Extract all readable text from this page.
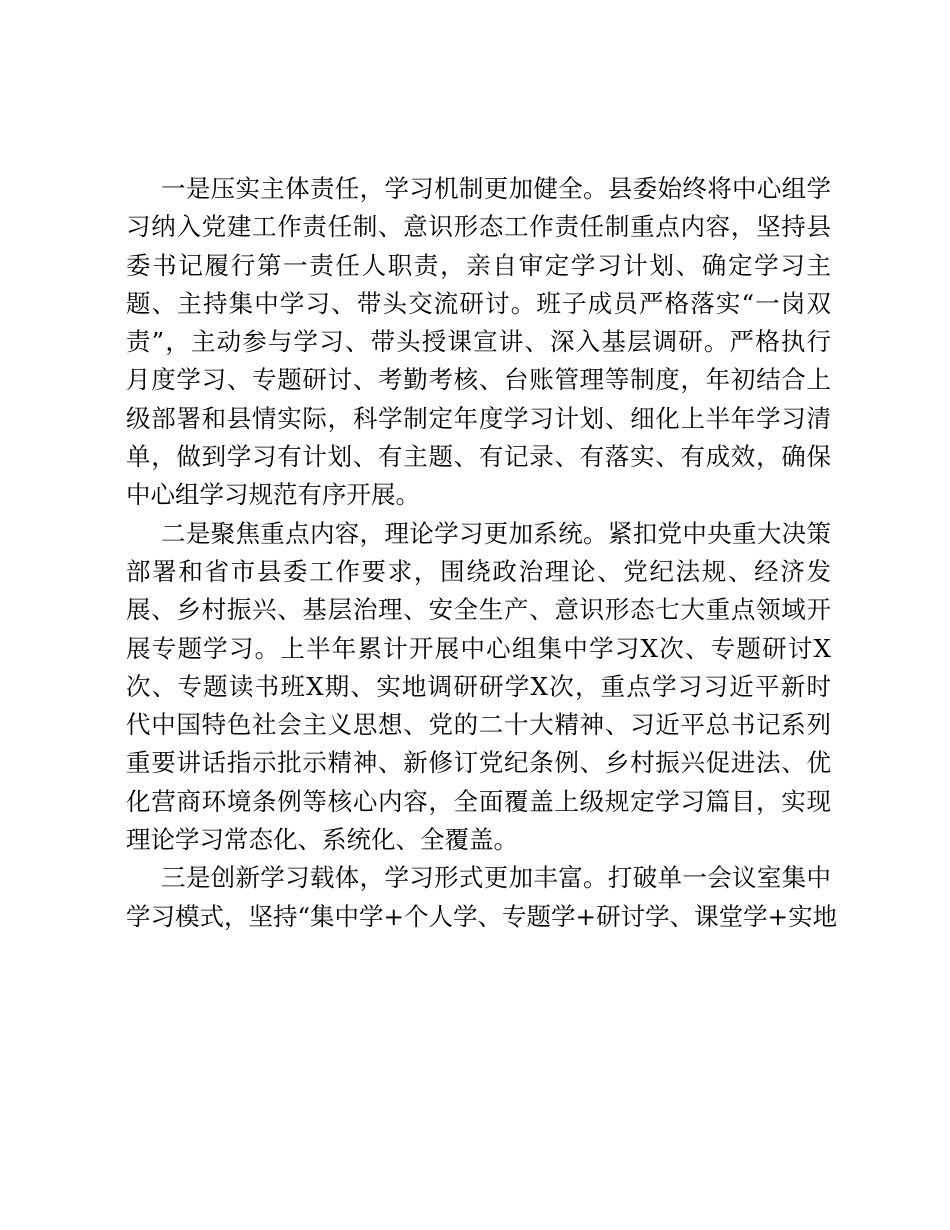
一是压实主体责任，学习机制更加健全。县委始终将中心组学
习纳入党建工作责任制、意识形态工作责任制重点内容，坚持县
委书记履行第一责任人职责，亲自审定学习计划、确定学习主
题、主持集中学习、带头交流研讨。班子成员严格落实“一岗双
责”，主动参与学习、带头授课宣讲、深入基层调研。严格执行
月度学习、专题研讨、考勤考核、台账管理等制度，年初结合上
级部署和县情实际，科学制定年度学习计划、细化上半年学习清
单，做到学习有计划、有主题、有记录、有落实、有成效，确保
中心组学习规范有序开展。
二是聚焦重点内容，理论学习更加系统。紧扣党中央重大决策
部署和省市县委工作要求，围绕政治理论、党纪法规、经济发
展、乡村振兴、基层治理、安全生产、意识形态七大重点领域开
展专题学习。上半年累计开展中心组集中学习X次、专题研讨X
次、专题读书班X期、实地调研研学X次，重点学习习近平新时
代中国特色社会主义思想、党的二十大精神、习近平总书记系列
重要讲话指示批示精神、新修订党纪条例、乡村振兴促进法、优
化营商环境条例等核心内容，全面覆盖上级规定学习篇目，实现
理论学习常态化、系统化、全覆盖。
三是创新学习载体，学习形式更加丰富。打破单一会议室集中
学习模式，坚持“集中学+个人学、专题学+研讨学、课堂学+实地
